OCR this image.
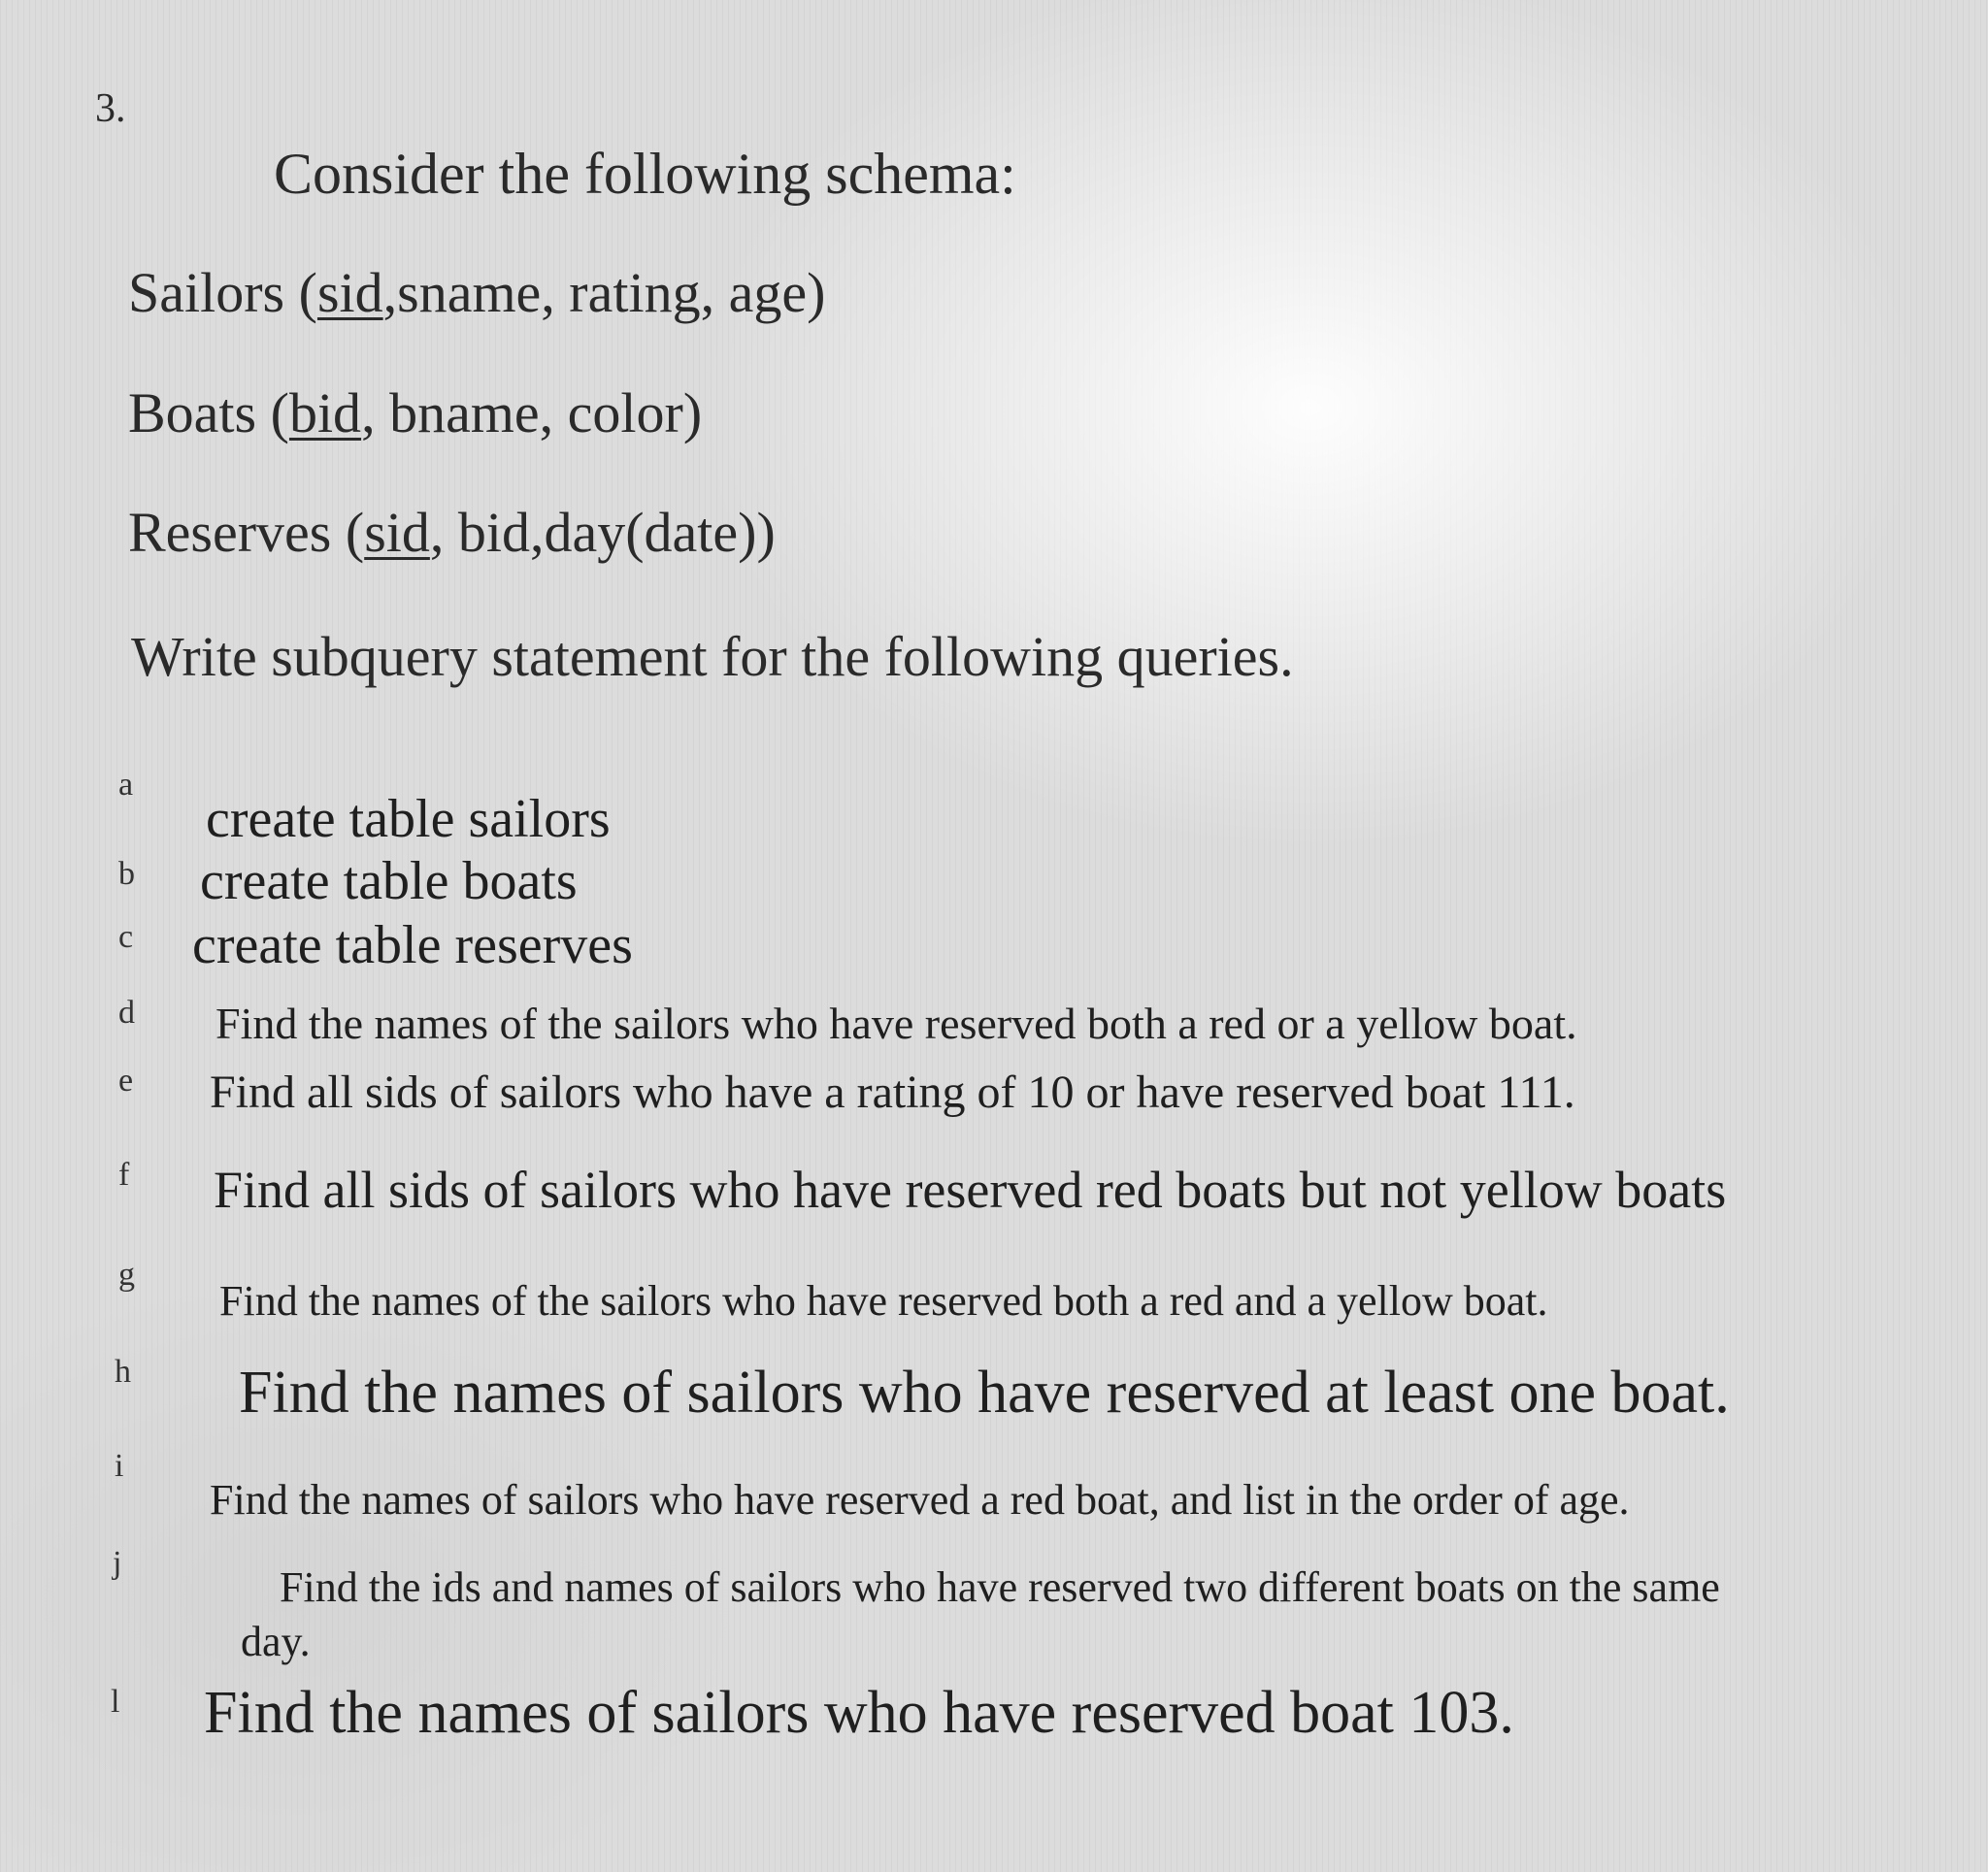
3.
Consider the following schema:
Sailors (sid,sname, rating, age)
Boats (bid, bname, color)
Reserves (sid, bid,day(date))
Write subquery statement for the following queries.
a
create table sailors
b create table boats
c create table reserves
d Find the names of the sailors who have reserved both a red or a yellow boat.
e Find all sids of sailors who have a rating of 10 or have reserved boat 111.
f Find all sids of sailors who have reserved red boats but not yellow boats
g
Find the names of the sailors who have reserved both a red and a yellow boat.
h Find the names of sailors who have reserved at least one boat.
i
Find the names of sailors who have reserved a red boat, and list in the order of age.
j
Find the ids and names of sailors who have reserved two different boats on the same
day.
l Find the names of sailors who have reserved boat 103.
